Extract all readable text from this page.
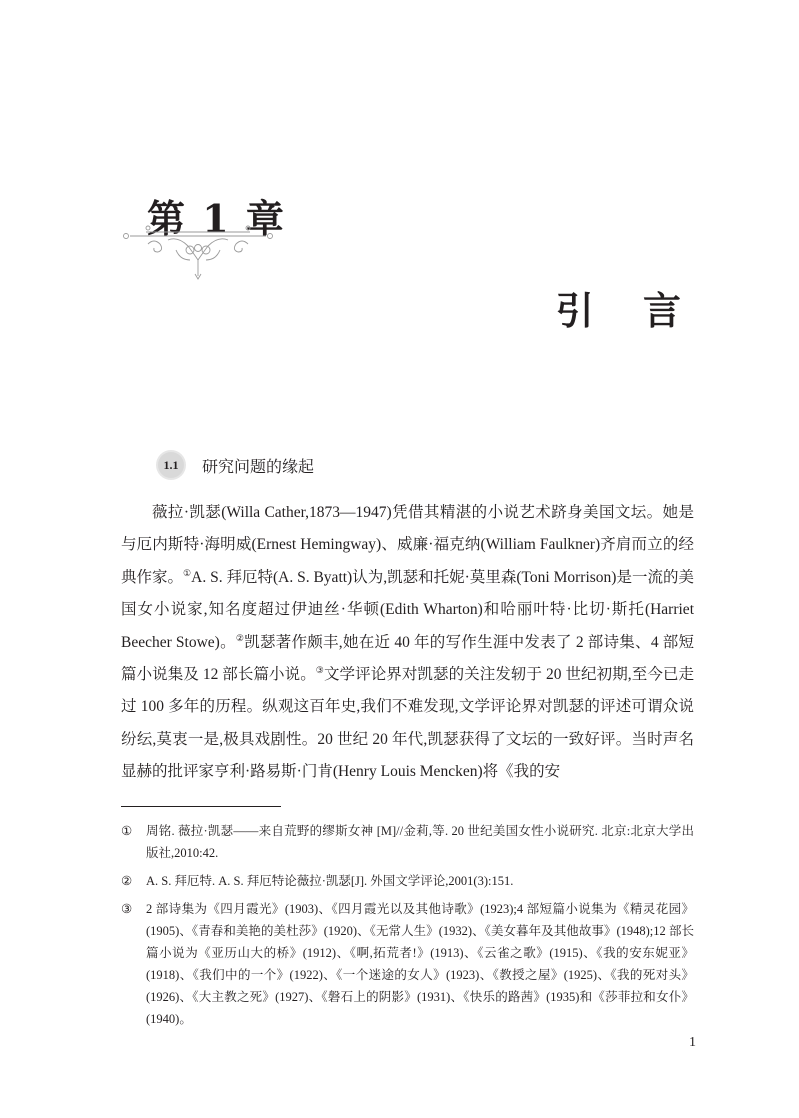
第 1 章
引 言
1.1	研究问题的缘起

薇拉·凯瑟(Willa Cather,1873—1947)凭借其精湛的小说艺术跻身美国文坛。她是与厄内斯特·海明威(Ernest Hemingway)、威廉·福克纳(William Faulkner)齐肩而立的经典作家。①A. S. 拜厄特(A. S. Byatt)认为,凯瑟和托妮·莫里森(Toni Morrison)是一流的美国女小说家,知名度超过伊迪丝·华顿(Edith Wharton)和哈丽叶特·比切·斯托(Harriet Beecher Stowe)。②凯瑟著作颇丰,她在近 40 年的写作生涯中发表了 2 部诗集、4 部短篇小说集及 12 部长篇小说。③文学评论界对凯瑟的关注发轫于 20 世纪初期,至今已走过 100 多年的历程。纵观这百年史,我们不难发现,文学评论界对凯瑟的评述可谓众说纷纭,莫衷一是,极具戏剧性。20 世纪 20 年代,凯瑟获得了文坛的一致好评。当时声名显赫的批评家亨利·路易斯·门肯(Henry Louis Mencken)将《我的安

①	周铭. 薇拉·凯瑟——来自荒野的缪斯女神 [M]//金莉,等. 20 世纪美国女性小说研究. 北京:北京大学出版社,2010:42.
②	A. S. 拜厄特. A. S. 拜厄特论薇拉·凯瑟[J]. 外国文学评论,2001(3):151.
③	2 部诗集为《四月霞光》(1903)、《四月霞光以及其他诗歌》(1923);4 部短篇小说集为《精灵花园》(1905)、《青春和美艳的美杜莎》(1920)、《无常人生》(1932)、《美女暮年及其他故事》(1948);12 部长篇小说为《亚历山大的桥》(1912)、《啊,拓荒者!》(1913)、《云雀之歌》(1915)、《我的安东妮亚》(1918)、《我们中的一个》(1922)、《一个迷途的女人》(1923)、《教授之屋》(1925)、《我的死对头》(1926)、《大主教之死》(1927)、《磐石上的阴影》(1931)、《快乐的路茜》(1935)和《莎菲拉和女仆》(1940)。
1
